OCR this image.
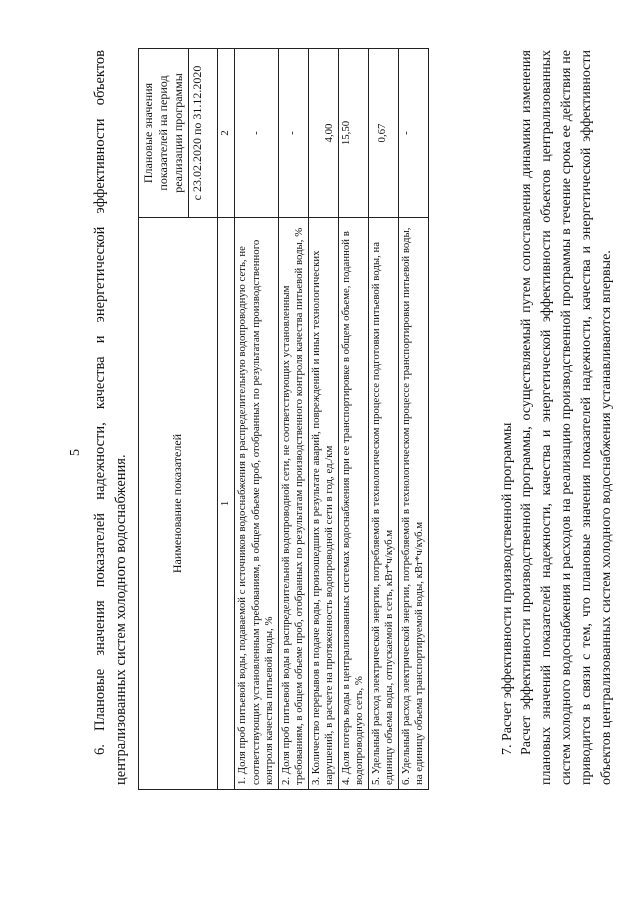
5 6. Плановые значения показателей надежности, качества и энергетической эффективности объектов централизованных систем холодного водоснабжения.	Наименование показателей	Плановые значения показателей на период реализации программы с 23.02.2020 по 31.12.2020

1	2
1. Доля проб питьевой воды, подаваемой с источников водоснабжения в распределительную водопроводную сеть, не соответствующих установленным требованиям, в общем объеме проб, отобранных по результатам производственного контроля качества питьевой воды, %	-
2. Доля проб питьевой воды в распределительной водопроводной сети, не соответствующих установленным требованиям, в общем объеме проб, отобранных по результатам производственного контроля качества питьевой воды, %	-
3. Количество перерывов в подаче воды, произошедших в результате аварий, повреждений и иных технологических нарушений, в расчете на протяженность водопроводной сети в год, ед./км	4,00
4. Доля потерь воды в централизованных системах водоснабжения при ее транспортировке в общем объеме, поданной в водопроводную сеть, %	15,50
5. Удельный расход электрической энергии, потребляемой в технологическом процессе подготовки питьевой воды, на единицу объема воды, отпускаемой в сеть, кВт*ч/куб.м	0,67
6. Удельный расход электрической энергии, потребляемой в технологическом процессе транспортировки питьевой воды, на единицу объема транспортируемой воды, кВт*ч/куб.м	-
7. Расчет эффективности производственной программы Расчет эффективности производственной программы, осуществляемый путем сопоставления динамики изменения плановых значений показателей надежности, качества и энергетической эффективности объектов централизованных систем холодного водоснабжения и расходов на реализацию производственной программы в течение срока ее действия не приводится в связи с тем, что плановые значения показателей надежности, качества и энергетической эффективности объектов централизованных систем холодного водоснабжения устанавливаются впервые.
